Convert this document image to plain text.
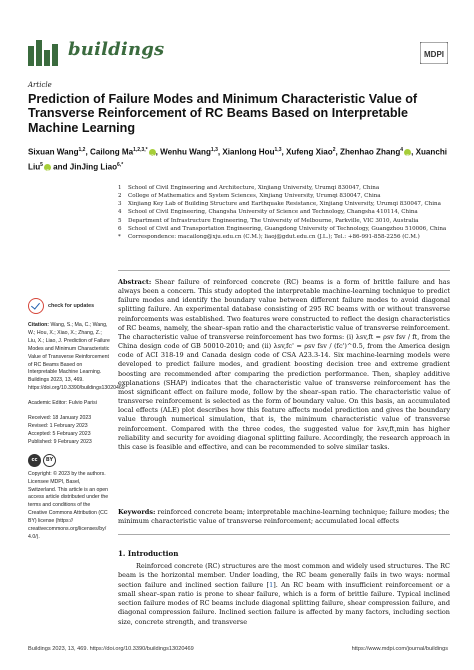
buildings	MDPI
Article
Prediction of Failure Modes and Minimum Characteristic Value of Transverse Reinforcement of RC Beams Based on Interpretable Machine Learning
Sixuan Wang$^{1,2}$, Cailong $Ma^{1,2,3,*}iD$ , Wenhu Wang$^{1,3}$, Xianlong Hou$^{1,3}$, Xufeng Xiao$^2$, Zhenhao Zhang$^4$iD , Xuanchi Liu$^5$iD and JinJing Liao$^{6,*}$
1 School of Civil Engineering and Architecture, Xinjiang University, Urumqi 830047, China
2 College of Mathematics and System Sciences, Xinjiang University, Urumqi 830047, China
3 Xinjiang Key Lab of Building Structure and Earthquake Resistance, Xinjiang University, Urumqi 830047, China
4 School of Civil Engineering, Changsha University of Science and Technology, Changsha 410114, China
5 Department of Infrastructure Engineering, The University of Melbourne, Parkville, VIC 3010, Australia
6 School of Civil and Transportation Engineering, Guangdong University of Technology, Guangzhou 510006, China
* Correspondence: macailong@xju.edu.cn (C.M.); liaoj@gdut.edu.cn (J.L.); Tel.: +86-991-858-2256 (C.M.)
check for updates
Citation: Wang, S.; Ma, C.; Wang, W.; Hou, X.; Xiao, X.; Zhang, Z.; Liu, X.; Liao, J. Prediction of Failure Modes and Minimum Characteristic Value of Transverse Reinforcement of RC Beams Based on Interpretable Machine Learning. Buildings 2023, 13, 469. https://doi.org/10.3390/buildings13020469
Academic Editor: Fulvio Parisi
Received: 18 January 2023
Revised: 1 February 2023
Accepted: 5 February 2023
Published: 9 February 2023
cc	BY
Copyright: © 2023 by the authors. Licensee MDPI, Basel, Switzerland. This article is an open access article distributed under the terms and conditions of the Creative Commons Attribution (CC BY) license (https:// creativecommons.org/licenses/by/ 4.0/).
Abstract: Shear failure of reinforced concrete (RC) beams is a form of brittle failure and has always been a concern. This study adopted the interpretable machine-learning technique to predict failure modes and identify the boundary value between different failure modes to avoid diagonal splitting failure. An experimental database consisting of 295 RC beams with or without transverse reinforcements was established. Two features were constructed to reflect the design characteristics of RC beams, namely, the shear–span ratio and the characteristic value of transverse reinforcement. The characteristic value of transverse reinforcement has two forms: (i) λsv,ft = ρsv fsv / ft, from the China design code of GB 50010-2010; and (ii) λsv,fc' = ρsv fsv / (fc')^0.5, from the America design code of ACI 318-19 and Canada design code of CSA A23.3-14. Six machine-learning models were developed to predict failure modes, and gradient boosting decision tree and extreme gradient boosting are recommended after comparing the prediction performance. Then, shapley additive explanations (SHAP) indicates that the characteristic value of transverse reinforcement has the most significant effect on failure mode, follow by the shear–span ratio. The characteristic value of transverse reinforcement is selected as the form of boundary value. On this basis, an accumulated local effects (ALE) plot describes how this feature affects model prediction and gives the boundary value through numerical simulation, that is, the minimum characteristic value of transverse reinforcement. Compared with the three codes, the suggested value for λsv,ft,min has higher reliability and security for avoiding diagonal splitting failure. Accordingly, the research approach in this case is feasible and effective, and can be recommended to solve similar tasks.
Keywords: reinforced concrete beam; interpretable machine-learning technique; failure modes; the minimum characteristic value of transverse reinforcement; accumulated local effects
1. Introduction
Reinforced concrete (RC) structures are the most common and widely used structures. The RC beam is the horizontal member. Under loading, the RC beam generally fails in two ways: normal section failure and inclined section failure [1]. An RC beam with insufficient reinforcement or a small shear–span ratio is prone to shear failure, which is a form of brittle failure. Typical inclined section failure modes of RC beams include diagonal splitting failure, shear compression failure, and diagonal compression failure. Inclined section failure is affected by many factors, including section size, concrete strength, and transverse
Buildings 2023, 13, 469. https://doi.org/10.3390/buildings13020469	https://www.mdpi.com/journal/buildings
